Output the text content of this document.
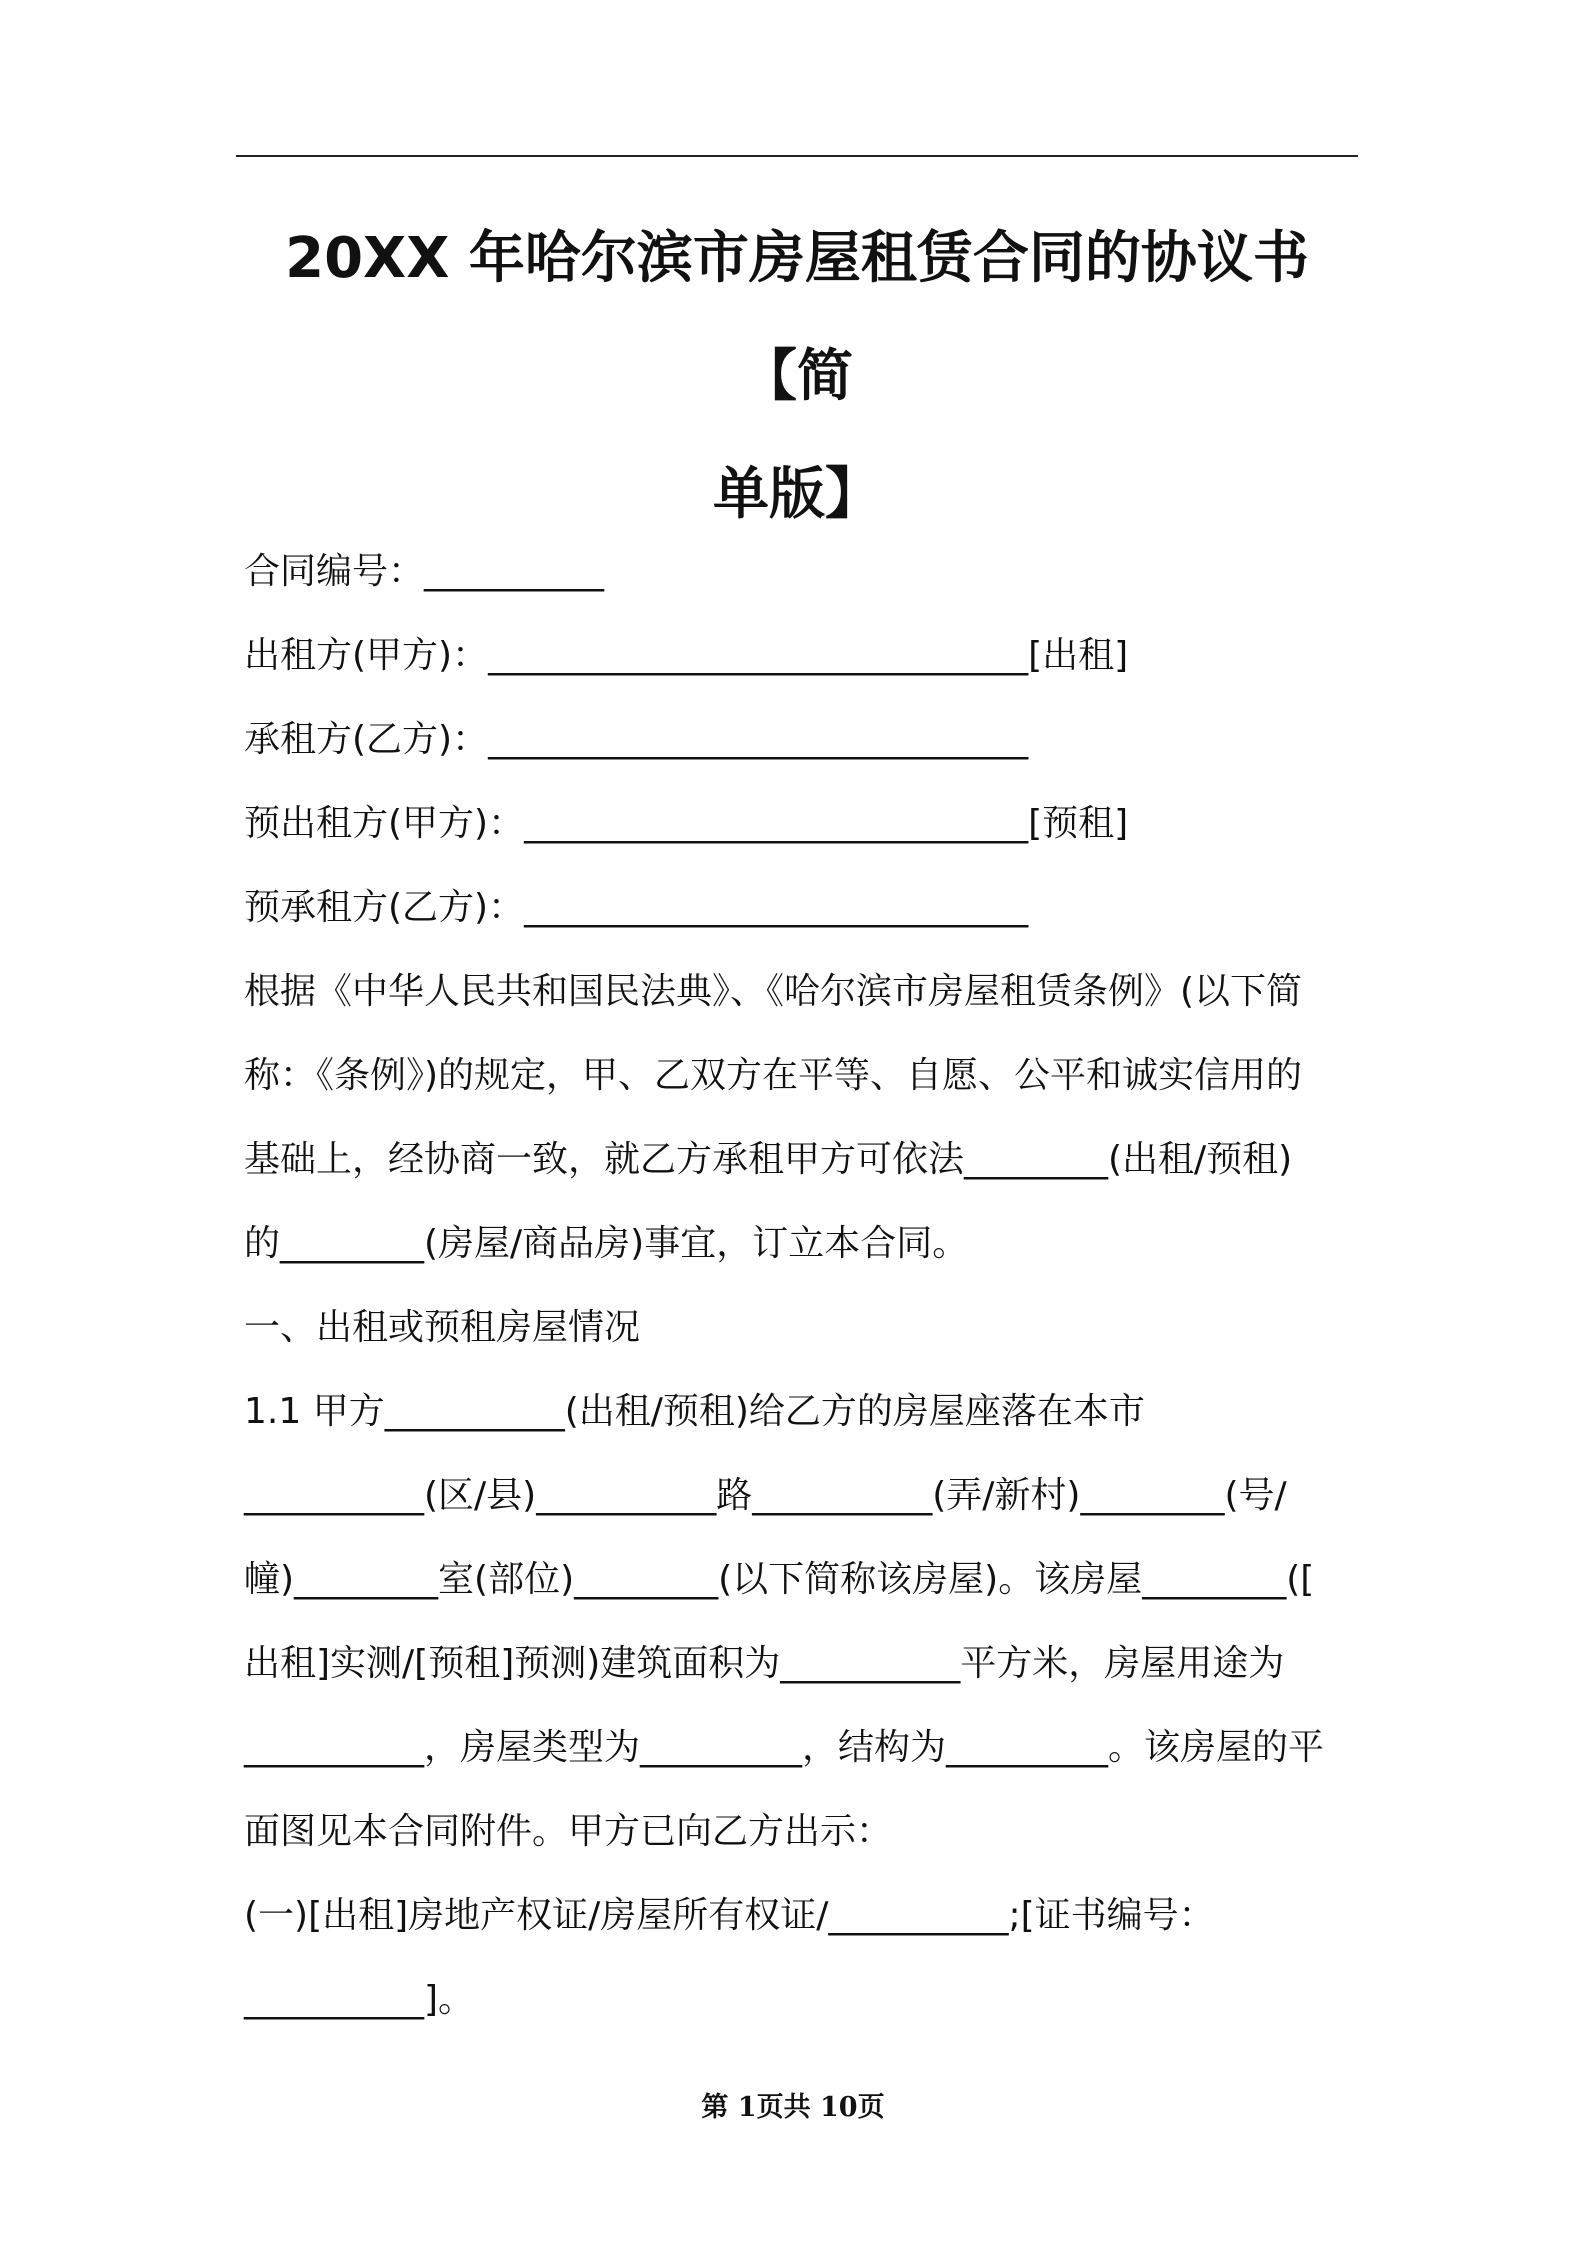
20XX 年哈尔滨市房屋租赁合同的协议书【简
单版】

合同编号：__________

出租方(甲方)：______________________________[出租]

承租方(乙方)：______________________________

预出租方(甲方)：____________________________[预租]

预承租方(乙方)：____________________________

根据《中华人民共和国民法典》、《哈尔滨市房屋租赁条例》(以下简

称：《条例》)的规定，甲、乙双方在平等、自愿、公平和诚实信用的

基础上，经协商一致，就乙方承租甲方可依法________(出租/预租)

的________(房屋/商品房)事宜，订立本合同。

一、出租或预租房屋情况

1.1 甲方__________(出租/预租)给乙方的房屋座落在本市

__________(区/县)__________路__________(弄/新村)________(号/

幢)________室(部位)________(以下简称该房屋)。该房屋________([

出租]实测/[预租]预测)建筑面积为__________平方米，房屋用途为

__________，房屋类型为_________，结构为_________。该房屋的平

面图见本合同附件。甲方已向乙方出示：

(一)[出租]房地产权证/房屋所有权证/__________;[证书编号：

__________]。

第 1页共 10页
